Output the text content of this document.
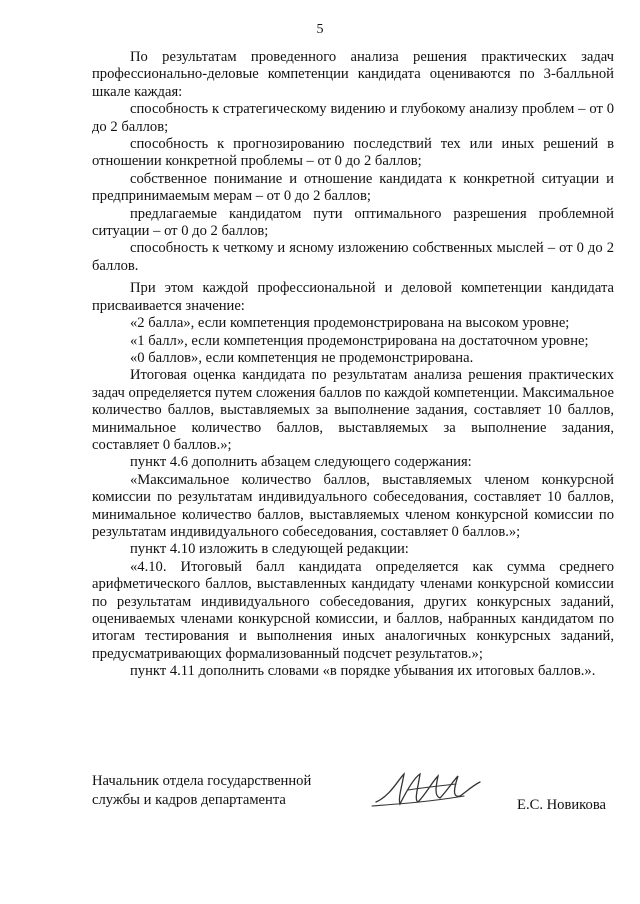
5

По результатам проведенного анализа решения практических задач профессионально-деловые компетенции кандидата оцениваются по 3-балльной шкале каждая:

способность к стратегическому видению и глубокому анализу проблем – от 0 до 2 баллов;

способность к прогнозированию последствий тех или иных решений в отношении конкретной проблемы – от 0 до 2 баллов;

собственное понимание и отношение кандидата к конкретной ситуации и предпринимаемым мерам – от 0 до 2 баллов;

предлагаемые кандидатом пути оптимального разрешения проблемной ситуации – от 0 до 2 баллов;

способность к четкому и ясному изложению собственных мыслей – от 0 до 2 баллов.

При этом каждой профессиональной и деловой компетенции кандидата присваивается значение:

«2 балла», если компетенция продемонстрирована на высоком уровне;

«1 балл», если компетенция продемонстрирована на достаточном уровне;

«0 баллов», если компетенция не продемонстрирована.

Итоговая оценка кандидата по результатам анализа решения практических задач определяется путем сложения баллов по каждой компетенции. Максимальное количество баллов, выставляемых за выполнение задания, составляет 10 баллов, минимальное количество баллов, выставляемых за выполнение задания, составляет 0 баллов.»;

пункт 4.6 дополнить абзацем следующего содержания:

«Максимальное количество баллов, выставляемых членом конкурсной комиссии по результатам индивидуального собеседования, составляет 10 баллов, минимальное количество баллов, выставляемых членом конкурсной комиссии по результатам индивидуального собеседования, составляет 0 баллов.»;

пункт 4.10 изложить в следующей редакции:

«4.10. Итоговый балл кандидата определяется как сумма среднего арифметического баллов, выставленных кандидату членами конкурсной комиссии по результатам индивидуального собеседования, других конкурсных заданий, оцениваемых членами конкурсной комиссии, и баллов, набранных кандидатом по итогам тестирования и выполнения иных аналогичных конкурсных заданий, предусматривающих формализованный подсчет результатов.»;

пункт 4.11 дополнить словами «в порядке убывания их итоговых баллов.».

Начальник отдела государственной
службы и кадров департамента	Е.С. Новикова
